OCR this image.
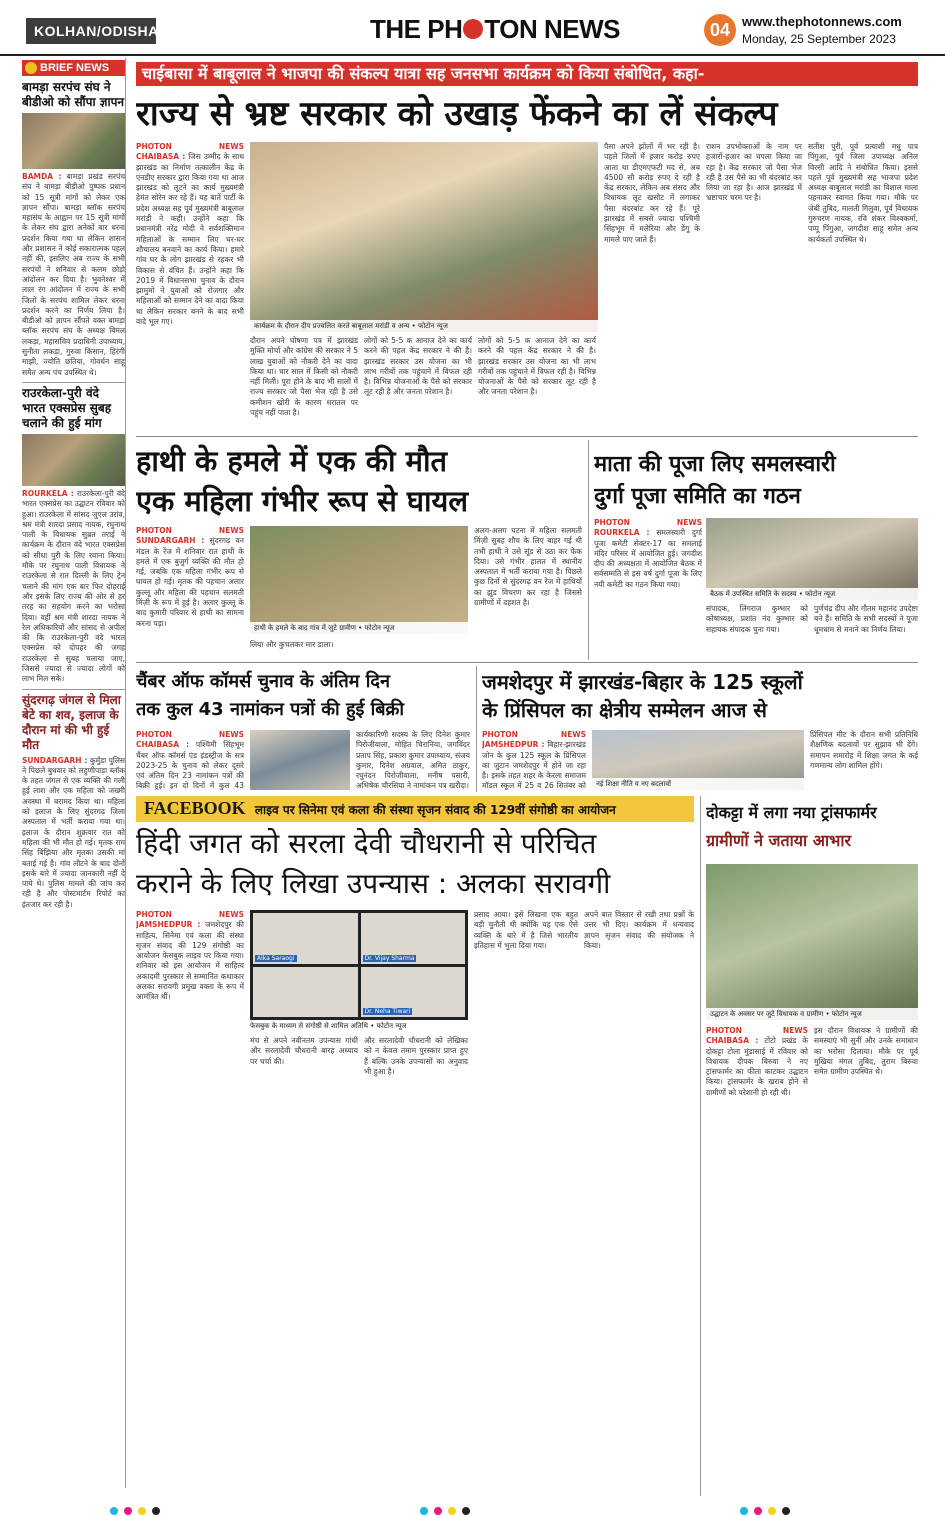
KOLHAN/ODISHA	THE PH TON NEWS	04 www.thephotonnews.com
Monday, 25 September 2023
BRIEF NEWS
बामड़ा सरपंच संघ ने बीडीओ को सौंपा ज्ञापन
BAMDA : बामड़ा प्रखंड सरपंच संघ ने बामड़ा बीडीओ पुष्पक प्रधान को 15 सूत्री मांगों को लेकर एक ज्ञापन सौंपा। बामड़ा ब्लॉक सरपंच महासंघ के आह्वान पर 15 सूत्री मांगों के लेकर संघ द्वारा अनेकों बार धरना प्रदर्शन किया गया था लेकिन शासन और प्रशासन ने कोई सकारात्मक पहल नहीं की, इसलिए अब राज्य के सभी सरपंचों ने शनिवार से कलम छोड़ो आंदोलन कर दिया है। भुवनेश्वर में लाल रंग आंदोलन में राज्य के सभी जिलों के सरपंच शामिल लेकर धरना प्रदर्शन करने का निर्णय लिया है। बीडीओ को ज्ञापन सौंपते वक्त बामड़ा ब्लॉक सरपंच संघ के अध्यक्ष बिमल लकड़ा, महासचिव प्रदाधिनी उपाध्याय, सुनीता लकड़ा, गुरुवा किसान, हिरंगी माझी, ज्योति छतिया, गोवर्धन साहू समेत अन्य पंच उपस्थित थे।
राउरकेला-पुरी वंदे भारत एक्सप्रेस सुबह चलाने की हुई मांग
ROURKELA : राउरकेला-पुरी वंदे भारत एक्सप्रेस का उद्घाटन रविवार को हुआ। राउरकेला में सांसद जुएल उरांव, श्रम मंत्री शारदा प्रसाद नायक, रघुनाथ पाली के विधायक सुब्रत तराई ने कार्यक्रम के दौरान वंदे भारत एक्सप्रेस को सीधा पुरी के लिए रवाना किया। मौके पर रघुनाथ पाली विधायक ने राउरकेला से रात दिल्ली के लिए ट्रेन चलाने की मांग एक बार फिर दोहराई और इसके लिए राज्य की ओर से हर तरह का सहयोग करने का भरोसा दिया। वहीं श्रम मंत्री शारदा नायक ने रेल अधिकारियों और सांसद से अपील की कि राउरकेला-पुरी वंदे भारत एक्सप्रेस को दोपहर की जगह राउरकेला से सुबह चलाया जाए, जिससे ज्यादा से ज्यादा लोगों को लाभ मिल सके।
सुंदरगढ़ जंगल से मिला बेटे का शव, इलाज के दौरान मां की भी हुई मौत
SUNDARGARH : कुर्मुंडा पुलिस ने पिछले बुधवार को लहुणीपाड़ा ब्लॉक के तहत जंगल से एक व्यक्ति की गली हुई लाश और एक महिला को जख्मी अवस्था में बरामद किया था। महिला को इलाज के लिए सुंदरगढ़ जिला अस्पताल में भर्ती कराया गया था। इलाज के दौरान शुक्रवार रात को महिला की भी मौत हो गई। मृतक राम सिंह बिंझिया और मृतका उसकी मां बताई गई है। गांव लौटने के बाद दोनों इसके बारे में ज्यादा जानकारी नहीं दे पाये थे। पुलिस मामले की जांच कर रही है और पोस्टमार्टम रिपोर्ट का इंतजार कर रही है।
चाईबासा में बाबूलाल ने भाजपा की संकल्प यात्रा सह जनसभा कार्यक्रम को किया संबोधित, कहा-
राज्य से भ्रष्ट सरकार को उखाड़ फेंकने का लें संकल्प
PHOTON NEWS CHAIBASA : जिस उम्मीद के साथ झारखंड का निर्माण तत्कालीन केंद्र के एनडीए सरकार द्वारा किया गया था आज झारखंड को लूटने का कार्य मुख्यमंत्री हेमंत सोरेन कर रहे हैं। यह बातें पार्टी के प्रदेश अध्यक्ष सह पूर्व मुख्यमंत्री बाबूलाल मरांडी ने कही। उन्होंने कहा कि प्रधानमंत्री नरेंद्र मोदी ने सर्वशक्तिमान महिलाओं के सम्मान लिए घर-घर शौचालय बनवाने का कार्य किया। हमारे गांव घर के लोग झारखंड से रहकर भी विकास से वंचित हैं। उन्होंने कहा कि 2019 में विधानसभा चुनाव के दौरान झामुमो ने युवाओं को रोजगार और महिलाओं को सम्मान देने का वादा किया था लेकिन सरकार बनने के बाद सभी वादे भूल गए।	कार्यक्रम के दौरान दीप प्रज्वलित करते बाबूलाल मरांडी व अन्य • फोटोन न्यूज
दौरान अपने घोषणा पत्र में झारखंड मुक्ति मोर्चा और कांग्रेस की सरकार ने 5 लाख युवाओं को नौकरी देने का वादा किया था। चार साल में किसी को नौकरी नहीं मिली। पूरा होने के बाद भी सालों में राज्य सरकार जो पैसा भेज रही है उसे कमीशन खोरी के कारण धरातल पर पहुंच नहीं पाता है।
लोगों को 5-5 क आनाज देने का कार्य करने की पहल केंद्र सरकार ने की है। झारखंड सरकार उस योजना का भी लाभ गरीबों तक पहुंचाने में विफल रही है। विभिन्न योजनाओं के पैसे को सरकार लूट रही है और जनता परेशान है।
लोगों को 5-5 क आनाज देने का कार्य करने की पहल केंद्र सरकार ने की है। झारखंड सरकार उस योजना का भी लाभ गरीबों तक पहुंचाने में विफल रही है। विभिन्न योजनाओं के पैसे को सरकार लूट रही है और जनता परेशान है।
पैसा अपने झोलों में भर रही है। पहले जिलों में हजार करोड़ रुपए आता था डीएमएफटी मद से, अब 4500 सौ करोड़ रुपए दे रही है केंद्र सरकार, लेकिन अब संसद और विधायक लूट खसोट में लगाकर पैसा बंदरबांट कर रहे हैं। पूरे झारखंड में सबसे ज्यादा पश्चिमी सिंहभूम में मलेरिया और डेंगू के मामले पाए जाते हैं।
राशन उपभोक्ताओं के नाम पर हजारों-हजार का घपला किया जा रहा है। केंद्र सरकार जो पैसा भेज रही है उस पैसे का भी बंदरबांट कर लिया जा रहा है। आज झारखंड में भ्रष्टाचार चरम पर है।
सतीश पुरी, पूर्व प्रत्याशी मधु पात्र पिंगुआ, पूर्व जिला उपाध्यक्ष अनिल विरसी आदि ने संबोधित किया। इससे पहले पूर्व मुख्यमंत्री सह भाजपा प्रदेश अध्यक्ष बाबूलाल मरांडी का विशाल माला पहनाकर स्वागत किया गया। मौके पर जेबी तुबिद, मालती गिलुवा, पूर्व विधायक गुरुचरण नायक, रवि शंकर विश्वकर्मा, पप्पू पिंगुआ, जगदीश साहू समेत अन्य कार्यकर्ता उपस्थित थे।
हाथी के हमले में एक की मौत
एक महिला गंभीर रूप से घायल
PHOTON NEWS SUNDARGARH : सुंदरगढ़ वन मंडल के रेंज में शनिवार रात हाथी के हमले में एक बुजुर्ग व्यक्ति की मौत हो गई, जबकि एक महिला गंभीर रूप से घायल हो गई। मृतक की पहचान अलार कुल्लू और महिला की पहचान सलमती मिंज़ी के रूप में हुई है। अलार कुल्लू के बाद कुमारी परिवार से हाथी का सामना करना पड़ा।
हाथी के हमले के बाद गांव में जुटे ग्रामीण • फोटोन न्यूज
लिया और कुचलकर मार डाला।
अलग-अलग घटना में महिला सलमती मिंज़ी सुबह शौच के लिए बाहर गई थी तभी हाथी ने उसे सूंड से उठा कर फेंक दिया। उसे गंभीर हालत में स्थानीय अस्पताल में भर्ती कराया गया है। पिछले कुछ दिनों से सुंदरगढ़ वन रेंज में हाथियों का झुंड विचरण कर रहा है जिससे ग्रामीणों में दहशत है।
माता की पूजा लिए समलस्वारी
दुर्गा पूजा समिति का गठन
PHOTON NEWS ROURKELA : समलस्वारी दुर्गा पूजा कमेटी सेक्टर-17 का समलाई मंदिर परिसर में आयोजित हुई। जगदीश दीप की अध्यक्षता में आयोजित बैठक में सर्वसम्मति से इस वर्ष दुर्गा पूजा के लिए नयी कमेटी का गठन किया गया।
बैठक में उपस्थित समिति के सदस्य • फोटोन न्यूज
संपादक, लिंगराज कुम्भार को कोषाध्यक्ष, प्रशांत नंद कुम्भार को सहायक संपादक चुना गया।
पुर्णचंद्र दीप और गौतम महानंद उपदेष्टा बने हैं। समिति के सभी सदस्यों ने पूजा धूमधाम से मनाने का निर्णय लिया।
चैंबर ऑफ कॉमर्स चुनाव के अंतिम दिन
तक कुल 43 नामांकन पत्रों की हुई बिक्री
PHOTON NEWS CHAIBASA : पश्चिमी सिंहभूम चैंबर ऑफ कॉमर्स एंड इंडस्ट्रीज के सत्र 2023-25 के चुनाव को लेकर दूसरे एवं अंतिम दिन 23 नामांकन पत्रों की बिक्री हुई। इन दो दिनों में कुल 43
कार्यकारिणी सदस्य के लिए दिनेश कुमार पिरोजीवाला, मोहित चिरानिया, जगविंदर प्रताप सिंह, प्रकाश कुमार उपाध्याय, संजय कुमार, दिनेश अग्रवाल, अमित ठाकुर, रघुनंदन पिरोजीवाला, मनीष पसारी, अभिषेक चौरसिया ने नामांकन पत्र खरीदा।
जमशेदपुर में झारखंड-बिहार के 125 स्कूलों
के प्रिंसिपल का क्षेत्रीय सम्मेलन आज से
PHOTON NEWS JAMSHEDPUR : बिहार-झारखंड जोन के कुल 125 स्कूल के प्रिंसिपल का जुटान जमशेदपुर में होने जा रहा है। इसके तहत शहर के केरला समाजम मॉडल स्कूल में 25 व 26 सितंबर को	नई शिक्षा नीति व नए बदलावों
प्रिंसिपल मीट के दौरान सभी प्रतिनिधि शैक्षणिक बदलावों पर सुझाव भी देंगे। समापन समारोह में शिक्षा जगत के कई गणमान्य लोग शामिल होंगे।
FACEBOOK लाइव पर सिनेमा एवं कला की संस्था सृजन संवाद की 129वीं संगोष्ठी का आयोजन
हिंदी जगत को सरला देवी चौधरानी से परिचित
कराने के लिए लिखा उपन्यास : अलका सरावगी
PHOTON NEWS JAMSHEDPUR : जमशेदपुर की साहित्य, सिनेमा एवं कला की संस्था सृजन संवाद की 129 संगोष्ठी का आयोजन फेसबुक लाइव पर किया गया। शनिवार को इस आयोजन में साहित्य अकादमी पुरस्कार से सम्मानित कथाकार अलका सरावगी प्रमुख वक्ता के रूप में आमंत्रित थीं।
Alka Saraogi	Dr. Vijay Sharma
Dr. Neha Tiwari
फेसबुक के माध्यम से संगोष्ठी से शामिल अतिथि • फोटोन न्यूज
मंच से अपने नवीनतम उपन्यास गांधी और सरलादेवी चौधरानी बारह अध्याय पर चर्चा की।
और सरलादेवी चौधरानी को लेखिका को न केवल तमाम पुरस्कार प्राप्त हुए हैं बल्कि उनके उपन्यासों का अनुवाद भी हुआ है।
प्रसाद आया। इसे लिखना एक बहुत बड़ी चुनौती थी क्योंकि यह एक ऐसे व्यक्ति के बारे में है जिसे भारतीय इतिहास में भुला दिया गया।
अपने बात विस्तार से रखी तथा प्रश्नों के उत्तर भी दिए। कार्यक्रम में धन्यवाद ज्ञापन सृजन संवाद की संयोजक ने किया।
दोकट्टा में लगा नया ट्रांसफार्मर
ग्रामीणों ने जताया आभार
उद्घाटन के अवसर पर जुटे विधायक व ग्रामीण • फोटोन न्यूज
PHOTON NEWS CHAIBASA : टोंटो प्रखंड के दोकट्टा टोला मुंडासाई में रविवार को विधायक दीपक बिरुवा ने नए ट्रांसफार्मर का फीता काटकर उद्घाटन किया। ट्रांसफार्मर के खराब होने से ग्रामीणों को परेशानी हो रही थी।
इस दौरान विधायक ने ग्रामीणों की समस्याएं भी सुनीं और उनके समाधान का भरोसा दिलाया। मौके पर पूर्व मुखिया मंगल तुबिद, तुराम बिरुवा समेत ग्रामीण उपस्थित थे।
